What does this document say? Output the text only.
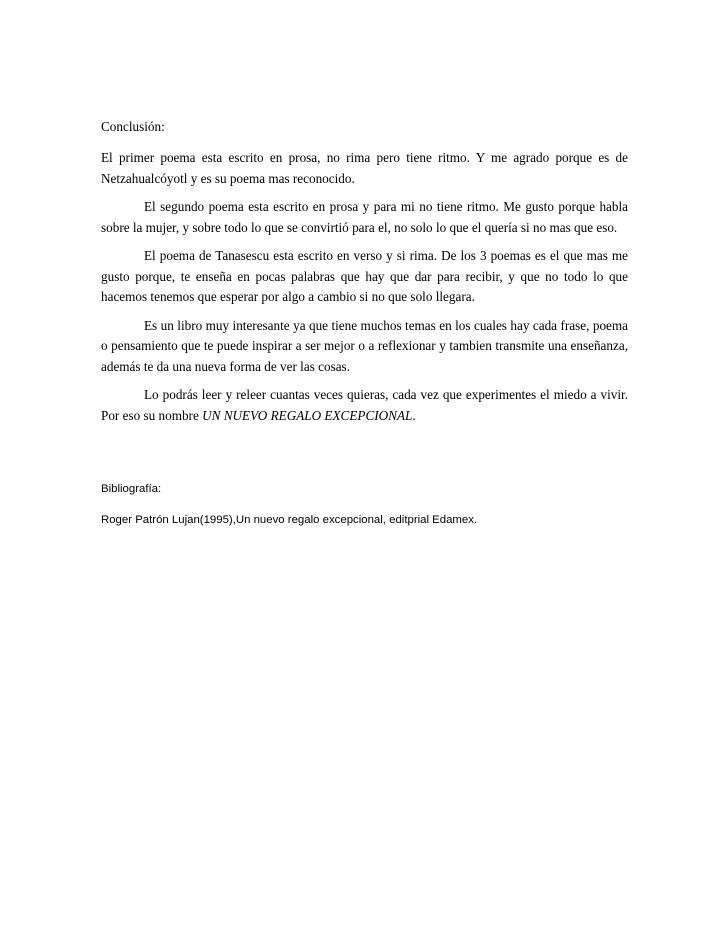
Conclusión:

El primer poema esta escrito en prosa, no rima pero tiene ritmo. Y me agrado porque es de Netzahualcóyotl y es su poema mas reconocido.

El segundo poema esta escrito en prosa y para mi no tiene ritmo. Me gusto porque habla sobre la mujer, y sobre todo lo que se convirtió para el, no solo lo que el quería si no mas que eso.

El poema de Tanasescu esta escrito en verso y si rima. De los 3 poemas es el que mas me gusto porque, te enseña en pocas palabras que hay que dar para recibir, y que no todo lo que hacemos tenemos que esperar por algo a cambio si no que solo llegara.

Es un libro muy interesante ya que tiene muchos temas en los cuales hay cada frase, poema o pensamiento que te puede inspirar a ser mejor o a reflexionar y tambien transmite una enseñanza, además te da una nueva forma de ver las cosas.

Lo podrás leer y releer cuantas veces quieras, cada vez que experimentes el miedo a vivir. Por eso su nombre UN NUEVO REGALO EXCEPCIONAL.

Bibliografía:

Roger Patrón Lujan(1995),Un nuevo regalo excepcional, editprial Edamex.
